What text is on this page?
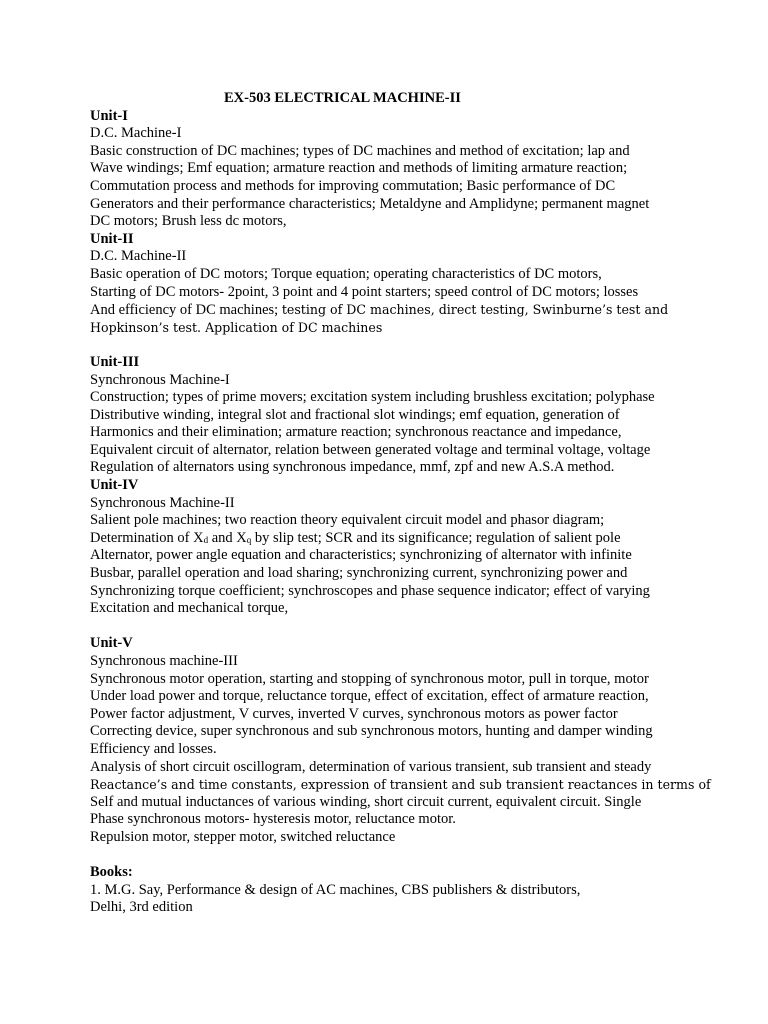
EX-503 ELECTRICAL MACHINE-II
Unit-I
D.C. Machine-I
Basic construction of DC machines; types of DC machines and method of excitation; lap and
Wave windings; Emf equation; armature reaction and methods of limiting armature reaction;
Commutation process and methods for improving commutation; Basic performance of DC
Generators and their performance characteristics; Metaldyne and Amplidyne; permanent magnet
DC motors; Brush less dc motors,
Unit-II
D.C. Machine-II
Basic operation of DC motors; Torque equation; operating characteristics of DC motors,
Starting of DC motors- 2point, 3 point and 4 point starters; speed control of DC motors; losses
And efficiency of DC machines; testing of DC machines, direct testing, Swinburne’s test and
Hopkinson’s test. Application of DC machines
Unit-III
Synchronous Machine-I
Construction; types of prime movers; excitation system including brushless excitation; polyphase
Distributive winding, integral slot and fractional slot windings; emf equation, generation of
Harmonics and their elimination; armature reaction; synchronous reactance and impedance,
Equivalent circuit of alternator, relation between generated voltage and terminal voltage, voltage
Regulation of alternators using synchronous impedance, mmf, zpf and new A.S.A method.
Unit-IV
Synchronous Machine-II
Salient pole machines; two reaction theory equivalent circuit model and phasor diagram;
Determination of $X_d$ and $X_q$ by slip test; SCR and its significance; regulation of salient pole
Alternator, power angle equation and characteristics; synchronizing of alternator with infinite
Busbar, parallel operation and load sharing; synchronizing current, synchronizing power and
Synchronizing torque coefficient; synchroscopes and phase sequence indicator; effect of varying
Excitation and mechanical torque,
Unit-V
Synchronous machine-III
Synchronous motor operation, starting and stopping of synchronous motor, pull in torque, motor
Under load power and torque, reluctance torque, effect of excitation, effect of armature reaction,
Power factor adjustment, V curves, inverted V curves, synchronous motors as power factor
Correcting device, super synchronous and sub synchronous motors, hunting and damper winding
Efficiency and losses.
Analysis of short circuit oscillogram, determination of various transient, sub transient and steady
Reactance’s and time constants, expression of transient and sub transient reactances in terms of
Self and mutual inductances of various winding, short circuit current, equivalent circuit. Single
Phase synchronous motors- hysteresis motor, reluctance motor.
Repulsion motor, stepper motor, switched reluctance
Books:
1. M.G. Say, Performance & design of AC machines, CBS publishers & distributors,
Delhi, 3rd edition
